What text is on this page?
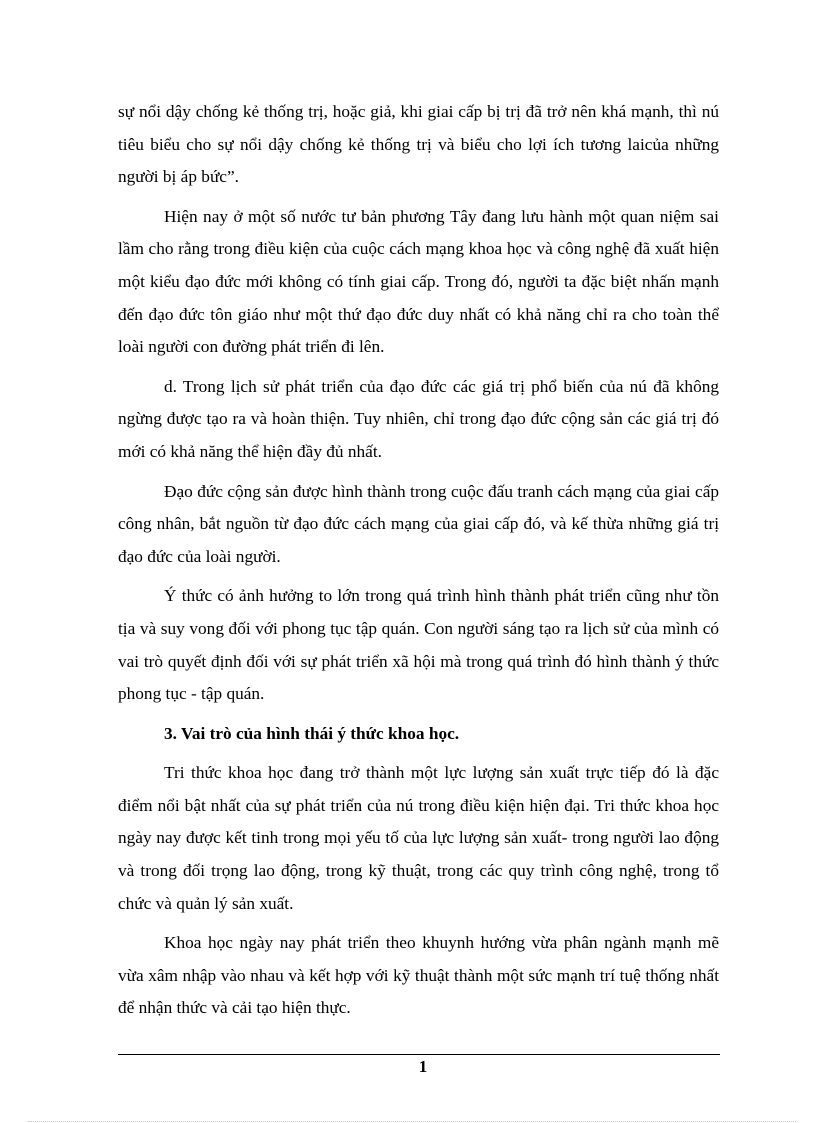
sự nổi dậy chống kẻ thống trị, hoặc giả, khi giai cấp bị trị đã trở nên khá mạnh, thì nú tiêu biểu cho sự nổi dậy chống kẻ thống trị và biểu cho lợi ích tương laicủa những người bị áp bức”.

Hiện nay ở một số nước tư bản phương Tây đang lưu hành một quan niệm sai lầm cho rằng trong điều kiện của cuộc cách mạng khoa học và công nghệ đã xuất hiện một kiểu đạo đức mới không có tính giai cấp. Trong đó, người ta đặc biệt nhấn mạnh đến đạo đức tôn giáo như một thứ đạo đức duy nhất có khả năng chỉ ra cho toàn thể loài người con đường phát triển đi lên.

d. Trong lịch sử phát triển của đạo đức các giá trị phổ biến của nú đã không ngừng được tạo ra và hoàn thiện. Tuy nhiên, chỉ trong đạo đức cộng sản các giá trị đó mới có khả năng thể hiện đầy đủ nhất.

Đạo đức cộng sản được hình thành trong cuộc đấu tranh cách mạng của giai cấp công nhân, bắt nguồn từ đạo đức cách mạng của giai cấp đó, và kế thừa những giá trị đạo đức của loài người.

Ý thức có ảnh hưởng to lớn trong quá trình hình thành phát triển cũng như tồn tịa và suy vong đối với phong tục tập quán. Con người sáng tạo ra lịch sử của mình có vai trò quyết định đối với sự phát triển xã hội mà trong quá trình đó hình thành ý thức phong tục - tập quán.

3. Vai trò của hình thái ý thức khoa học.

Tri thức khoa học đang trở thành một lực lượng sản xuất trực tiếp đó là đặc điểm nổi bật nhất của sự phát triển của nú trong điều kiện hiện đại. Tri thức khoa học ngày nay được kết tinh trong mọi yếu tố của lực lượng sản xuất- trong người lao động và trong đối trọng lao động, trong kỹ thuật, trong các quy trình công nghệ, trong tổ chức và quản lý sản xuất.

Khoa học ngày nay phát triển theo khuynh hướng vừa phân ngành mạnh mẽ vừa xâm nhập vào nhau và kết hợp với kỹ thuật thành một sức mạnh trí tuệ thống nhất để nhận thức và cải tạo hiện thực.

1
